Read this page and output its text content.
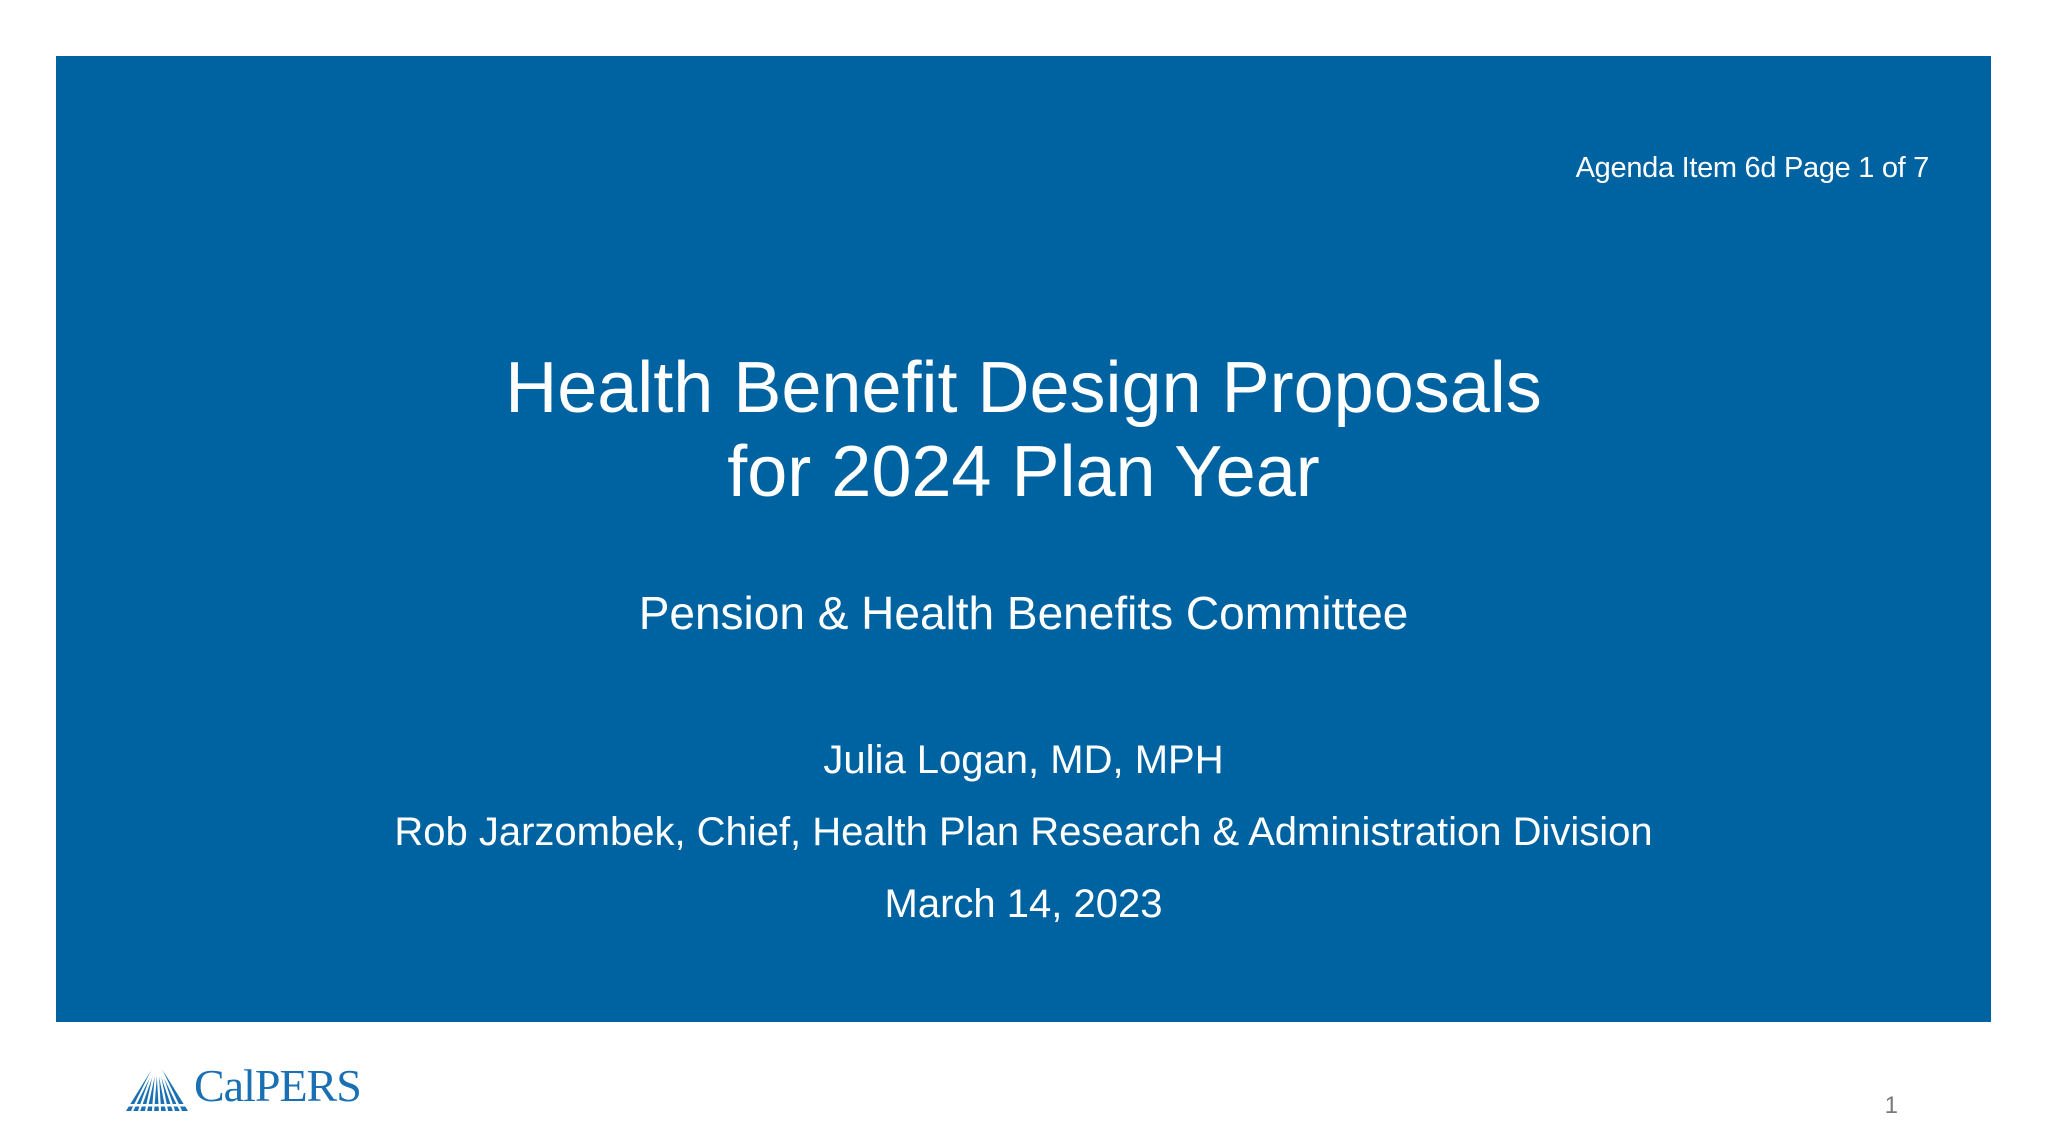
Agenda Item 6d Page 1 of 7
Health Benefit Design Proposals
for 2024 Plan Year
Pension & Health Benefits Committee
Julia Logan, MD, MPH
Rob Jarzombek, Chief, Health Plan Research & Administration Division
March 14, 2023
CalPERS	1
